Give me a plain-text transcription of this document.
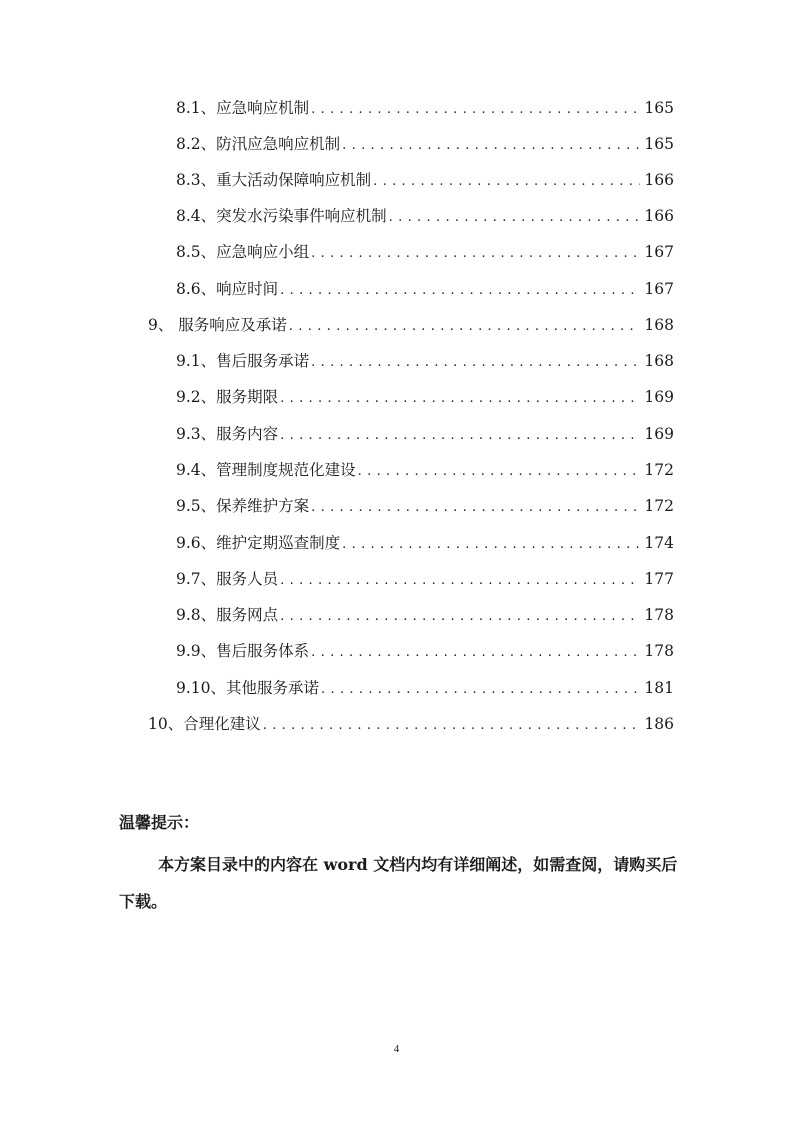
8.1、应急响应机制 . . .	165
8.2、防汛应急响应机制 . . .	165
8.3、重大活动保障响应机制 . . .	166
8.4、突发水污染事件响应机制 . . .	166
8.5、应急响应小组 . . .	167
8.6、响应时间 . . .	167
9、 服务响应及承诺 . . .	168
9.1、售后服务承诺 . . .	168
9.2、服务期限 . . .	169
9.3、服务内容 . . .	169
9.4、管理制度规范化建设 . . .	172
9.5、保养维护方案 . . .	172
9.6、维护定期巡查制度 . . .	174
9.7、服务人员 . . .	177
9.8、服务网点 . . .	178
9.9、售后服务体系 . . .	178
9.10、其他服务承诺 . . .	181
10、合理化建议 . . .	186
温馨提示：
本方案目录中的内容在 word 文档内均有详细阐述，如需查阅，请购买后下载。
4
